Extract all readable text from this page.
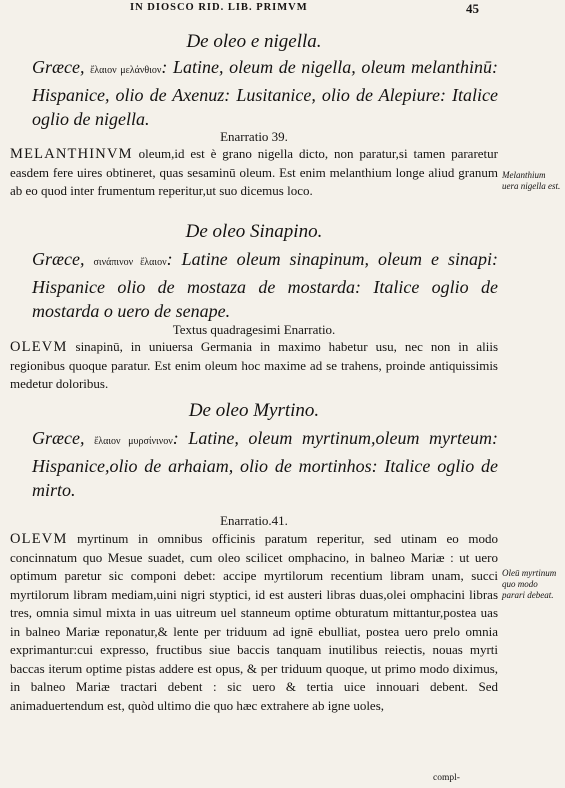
IN DIOSCO RID. LIB. PRIMVM	45
De oleo e nigella.
Græce, ἔλαιον μελάνθιον: Latine, oleum de nigella, oleum melanthinū: Hispanice, olio de Axenuz: Lusitanice, olio de Alepiure: Italice oglio de nigella.
Enarratio 39.
MELANTHINVM oleum,id est è grano nigella dicto, non paratur,si tamen pararetur easdem fere uires obtineret, quas sesaminū oleum. Est enim melanthium longe aliud granum ab eo quod inter frumentum reperitur,ut suo dicemus loco.
De oleo Sinapino.
Græce, σινάπινον ἔλαιον: Latine oleum sinapinum, oleum e sinapi: Hispanice olio de mostaza de mostarda: Italice oglio de mostarda o uero de senape.
Textus quadragesimi Enarratio.
OLEVM sinapinū, in uniuersa Germania in maximo habetur usu, nec non in aliis regionibus quoque paratur. Est enim oleum hoc maxime ad se trahens, proinde antiquissimis medetur doloribus.
De oleo Myrtino.
Græce, ἔλαιον μυρσίνινον: Latine, oleum myrtinum,oleum myrteum: Hispanice,olio de arhaiam, olio de mortinhos: Italice oglio de mirto.
Enarratio.41.
OLEVM myrtinum in omnibus officinis paratum reperitur, sed utinam eo modo concinnatum quo Mesue suadet, cum oleo scilicet omphacino, in balneo Mariæ : ut uero optimum paretur sic componi debet: accipe myrtilorum recentium libram unam, succi myrtilorum libram mediam,uini nigri styptici, id est austeri libras duas,olei omphacini libras tres, omnia simul mixta in uas uitreum uel stanneum optime obturatum mittantur,postea uas in balneo Mariæ reponatur,& lente per triduum ad ignē ebulliat, postea uero prelo omnia exprimantur:cui expresso, fructibus siue baccis tanquam inutilibus reiectis, nouas myrti baccas iterum optime pistas addere est opus, & per triduum quoque, ut primo modo diximus, in balneo Mariæ tractari debent : sic uero & tertia uice innouari debent. Sed animaduertendum est, quòd ultimo die quo hæc extrahere ab igne uoles,
Melanthium uera nigella est.
Oleū myrtinum quo modo parari debeat.
compl-
